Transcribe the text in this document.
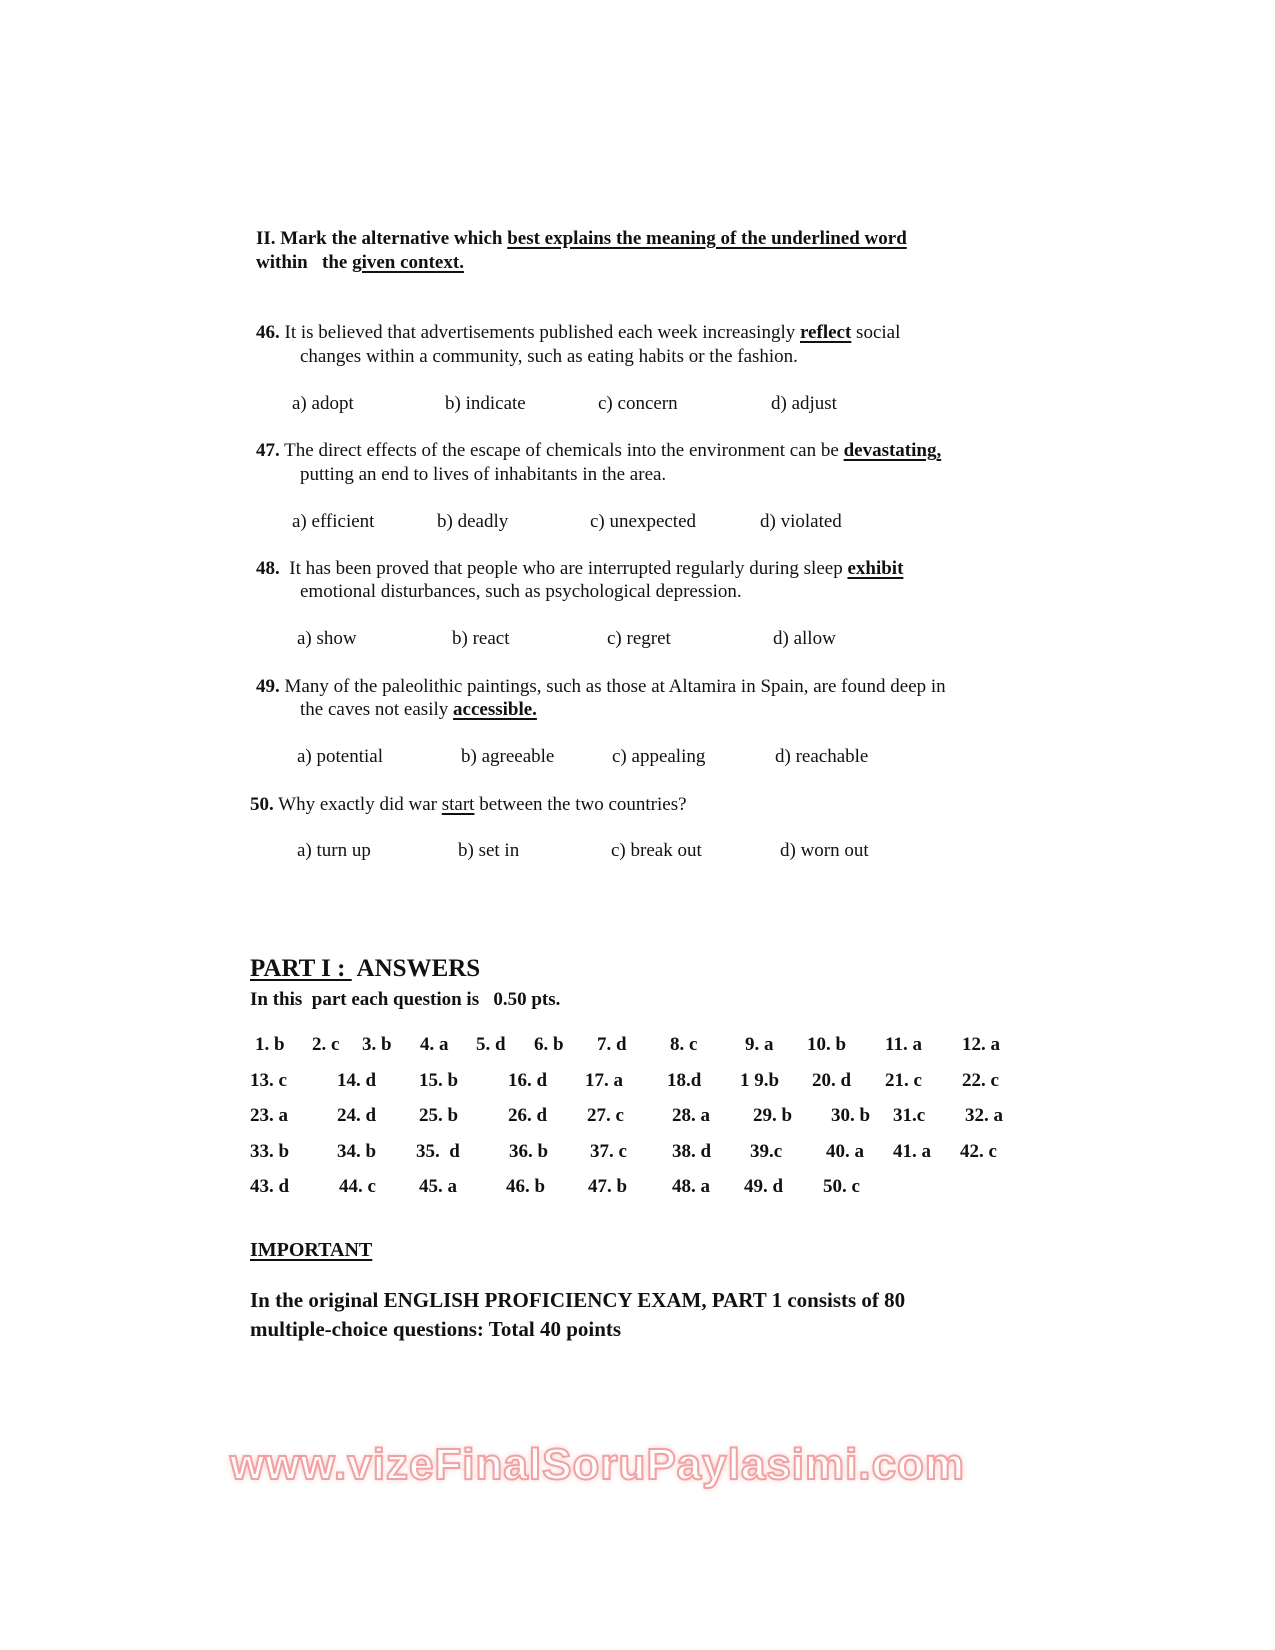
II. Mark the alternative which best explains the meaning of the underlined word
within   the given context.
46. It is believed that advertisements published each week increasingly reflect social
changes within a community, such as eating habits or the fashion.
a) adopt	b) indicate	c) concern	d) adjust
47. The direct effects of the escape of chemicals into the environment can be devastating,
putting an end to lives of inhabitants in the area.
a) efficient	b) deadly	c) unexpected	d) violated
48. It has been proved that people who are interrupted regularly during sleep exhibit
emotional disturbances, such as psychological depression.
a) show	b) react	c) regret	d) allow
49. Many of the paleolithic paintings, such as those at Altamira in Spain, are found deep in
the caves not easily accessible.
a) potential	b) agreeable	c) appealing	d) reachable
50. Why exactly did war start between the two countries?
a) turn up	b) set in	c) break out	d) worn out
PART I :  ANSWERS
In this  part each question is   0.50 pts.
1. b 2. c 3. b 4. a 5. d 6. b 7. d 8. c	9. a 10. b 11. a 12. a
13. c	14. d 15. b	16. d 17. a 18.d 1 9.b 20. d 21. c 22. c
23. a	24. d 25. b	26. d 27. c	28. a 29. b 30. b 31.c 32. a
33. b	34. b 35.  d	36. b 37. c 38. d 39.c 40. a 41. a 42. c
43. d	44. c 45. a	46. b 47. b 48. a 49. d 50. c
IMPORTANT
In the original ENGLISH PROFICIENCY EXAM, PART 1 consists of 80
multiple-choice questions: Total 40 points
www.vizeFinalSoruPaylasimi.com
